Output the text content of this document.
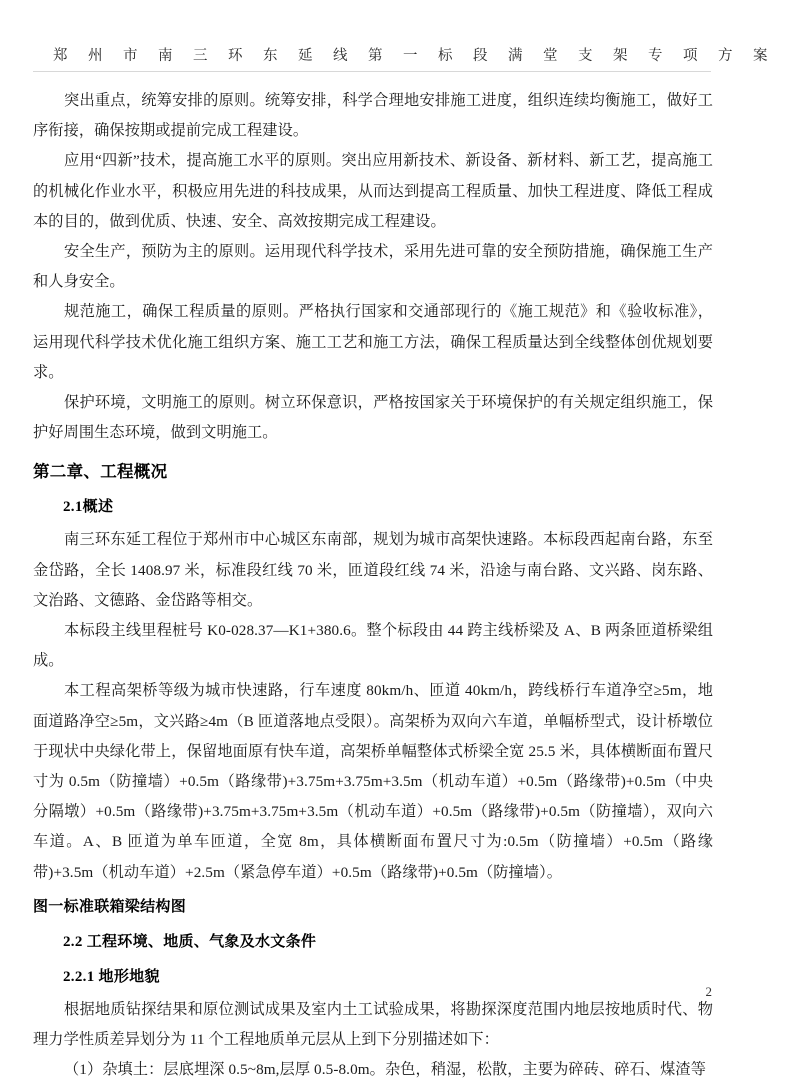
郑州市南三环东延线第一标段满堂支架专项方案

突出重点，统筹安排的原则。统筹安排，科学合理地安排施工进度，组织连续均衡施工，做好工序衔接，确保按期或提前完成工程建设。

应用“四新”技术，提高施工水平的原则。突出应用新技术、新设备、新材料、新工艺，提高施工的机械化作业水平，积极应用先进的科技成果，从而达到提高工程质量、加快工程进度、降低工程成本的目的，做到优质、快速、安全、高效按期完成工程建设。

安全生产，预防为主的原则。运用现代科学技术，采用先进可靠的安全预防措施，确保施工生产和人身安全。

规范施工，确保工程质量的原则。严格执行国家和交通部现行的《施工规范》和《验收标准》，运用现代科学技术优化施工组织方案、施工工艺和施工方法，确保工程质量达到全线整体创优规划要求。

保护环境，文明施工的原则。树立环保意识，严格按国家关于环境保护的有关规定组织施工，保护好周围生态环境，做到文明施工。

第二章、工程概况
2.1概述

南三环东延工程位于郑州市中心城区东南部，规划为城市高架快速路。本标段西起南台路，东至金岱路，全长 1408.97 米，标准段红线 70 米，匝道段红线 74 米，沿途与南台路、文兴路、岗东路、文治路、文德路、金岱路等相交。

本标段主线里程桩号 K0-028.37—K1+380.6。整个标段由 44 跨主线桥梁及 A、B 两条匝道桥梁组成。

本工程高架桥等级为城市快速路，行车速度 80km/h、匝道 40km/h，跨线桥行车道净空≥5m，地面道路净空≥5m，文兴路≥4m（B 匝道落地点受限）。高架桥为双向六车道，单幅桥型式，设计桥墩位于现状中央绿化带上，保留地面原有快车道，高架桥单幅整体式桥梁全宽 25.5 米，具体横断面布置尺寸为 0.5m（防撞墙）+0.5m（路缘带)+3.75m+3.75m+3.5m（机动车道）+0.5m（路缘带)+0.5m（中央分隔墩）+0.5m（路缘带)+3.75m+3.75m+3.5m（机动车道）+0.5m（路缘带)+0.5m（防撞墙），双向六车道。A、B 匝道为单车匝道，全宽 8m，具体横断面布置尺寸为:0.5m（防撞墙）+0.5m（路缘带)+3.5m（机动车道）+2.5m（紧急停车道）+0.5m（路缘带)+0.5m（防撞墙）。

图一标准联箱梁结构图
2.2 工程环境、地质、气象及水文条件
2.2.1 地形地貌

根据地质钻探结果和原位测试成果及室内土工试验成果，将勘探深度范围内地层按地质时代、物理力学性质差异划分为 11 个工程地质单元层从上到下分别描述如下：

（1）杂填土：层底埋深 0.5~8m,层厚 0.5-8.0m。杂色，稍湿，松散，主要为碎砖、碎石、煤渣等

2
